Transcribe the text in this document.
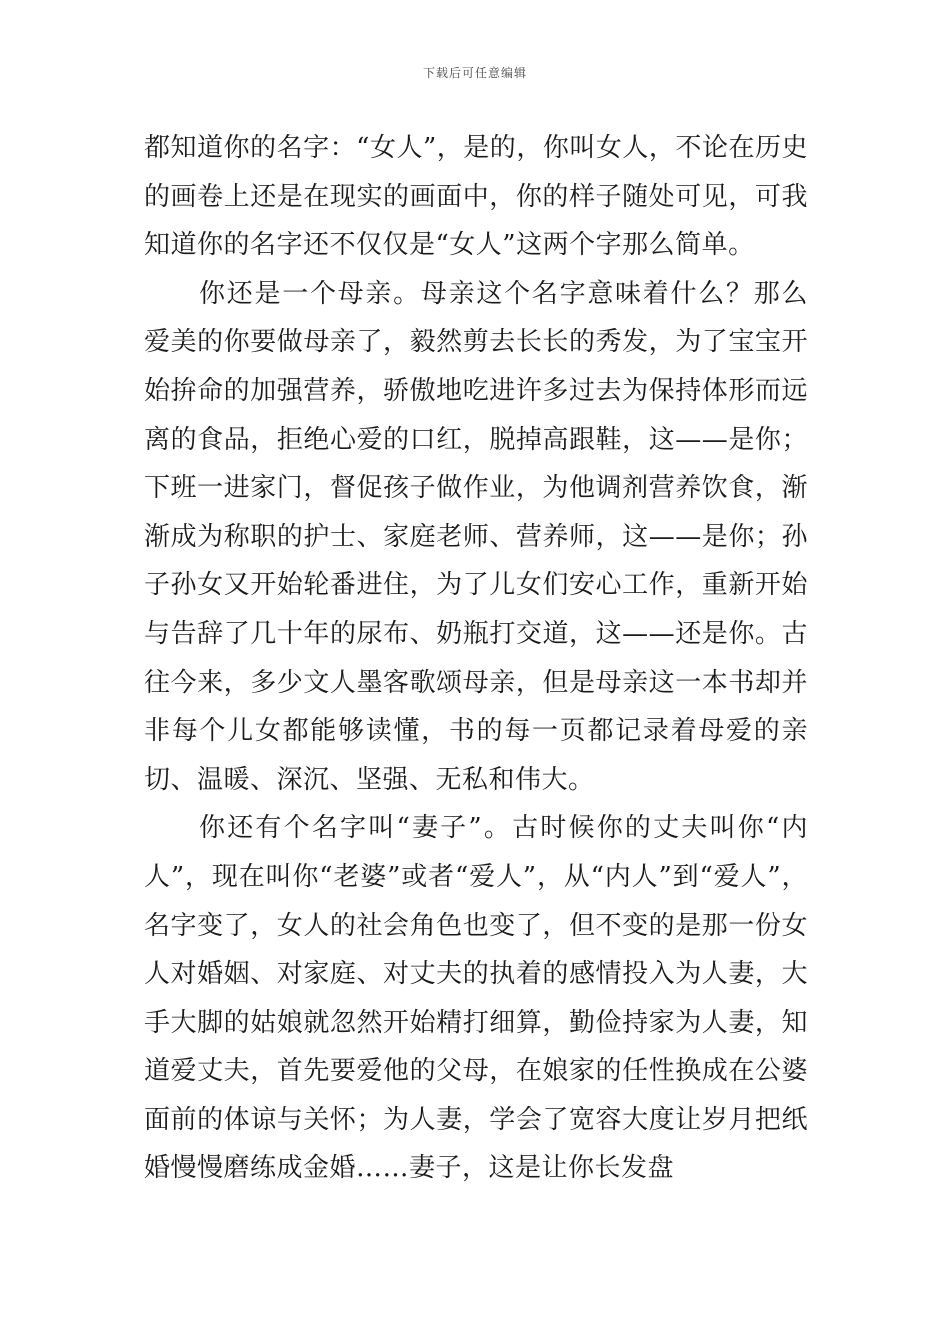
下载后可任意编辑

都知道你的名字：“女人”，是的，你叫女人，不论在历史的画卷上还是在现实的画面中，你的样子随处可见，可我知道你的名字还不仅仅是“女人”这两个字那么简单。

你还是一个母亲。母亲这个名字意味着什么？那么爱美的你要做母亲了，毅然剪去长长的秀发，为了宝宝开始拚命的加强营养，骄傲地吃进许多过去为保持体形而远离的食品，拒绝心爱的口红，脱掉高跟鞋，这——是你；下班一进家门，督促孩子做作业，为他调剂营养饮食，渐渐成为称职的护士、家庭老师、营养师，这——是你；孙子孙女又开始轮番进住，为了儿女们安心工作，重新开始与告辞了几十年的尿布、奶瓶打交道，这——还是你。古往今来，多少文人墨客歌颂母亲，但是母亲这一本书却并非每个儿女都能够读懂，书的每一页都记录着母爱的亲切、温暖、深沉、坚强、无私和伟大。

你还有个名字叫“妻子”。古时候你的丈夫叫你“内人”，现在叫你“老婆”或者“爱人”，从“内人”到“爱人”，名字变了，女人的社会角色也变了，但不变的是那一份女人对婚姻、对家庭、对丈夫的执着的感情投入为人妻，大手大脚的姑娘就忽然开始精打细算，勤俭持家为人妻，知道爱丈夫，首先要爱他的父母，在娘家的任性换成在公婆面前的体谅与关怀；为人妻，学会了宽容大度让岁月把纸婚慢慢磨练成金婚……妻子，这是让你长发盘
